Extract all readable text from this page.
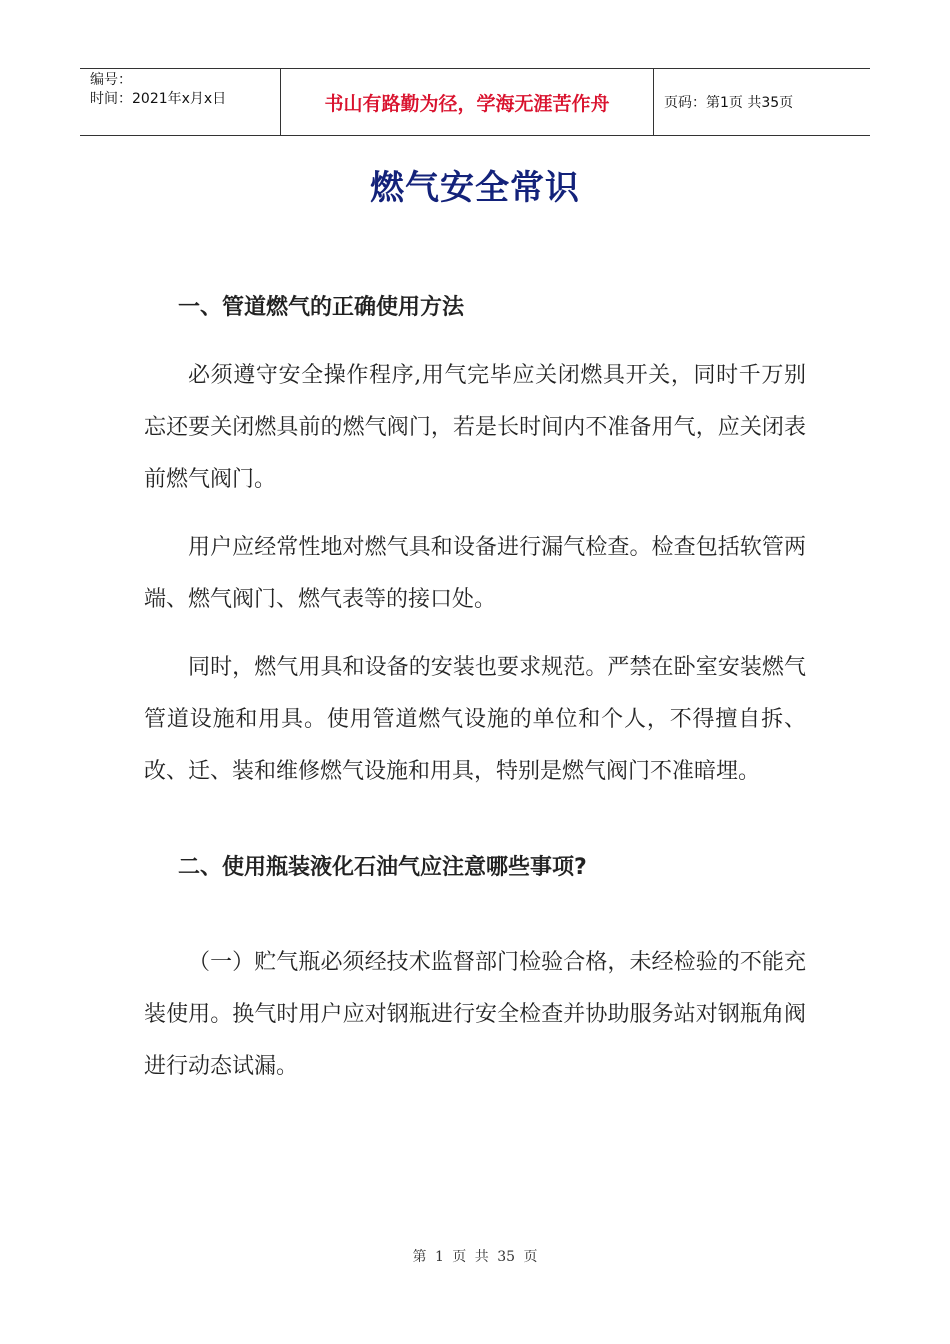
编号：
时间：2021年x月x日	书山有路勤为径，学海无涯苦作舟	页码：第1页 共35页
燃气安全常识
一、管道燃气的正确使用方法

必须遵守安全操作程序,用气完毕应关闭燃具开关，同时千万别忘还要关闭燃具前的燃气阀门，若是长时间内不准备用气，应关闭表前燃气阀门。

用户应经常性地对燃气具和设备进行漏气检查。检查包括软管两端、燃气阀门、燃气表等的接口处。

同时，燃气用具和设备的安装也要求规范。严禁在卧室安装燃气管道设施和用具。使用管道燃气设施的单位和个人，不得擅自拆、改、迁、装和维修燃气设施和用具，特别是燃气阀门不准暗埋。

二、使用瓶装液化石油气应注意哪些事项?

（一）贮气瓶必须经技术监督部门检验合格，未经检验的不能充装使用。换气时用户应对钢瓶进行安全检查并协助服务站对钢瓶角阀进行动态试漏。

第 1 页 共 35 页
